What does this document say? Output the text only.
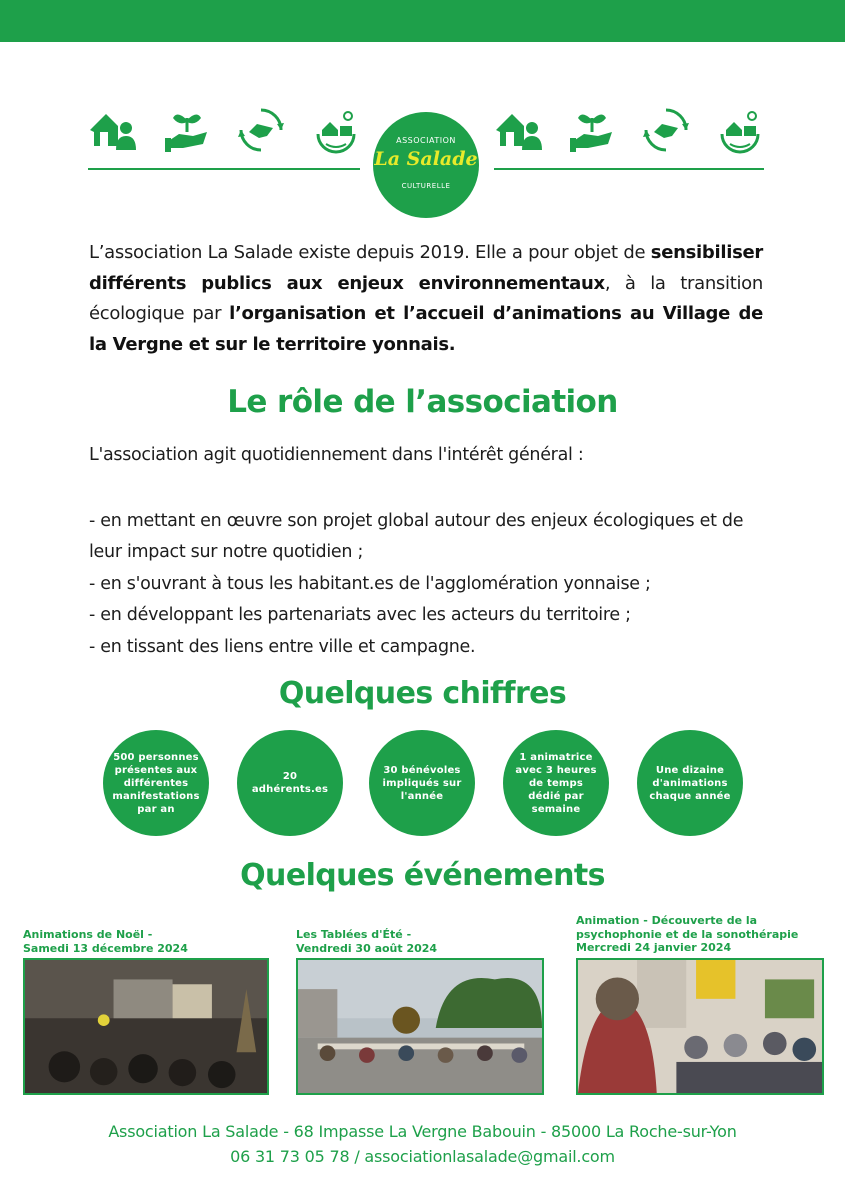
ASSOCIATION
La Salade
CULTURELLE
L’association La Salade existe depuis 2019. Elle a pour objet de sensibiliser différents publics aux enjeux environnementaux, à la transition écologique par l’organisation et l’accueil d’animations au Village de la Vergne et sur le territoire yonnais.
Le rôle de l’association

L'association agit quotidiennement dans l'intérêt général :

- en mettant en œuvre son projet global autour des enjeux écologiques et de leur impact sur notre quotidien ;

- en s'ouvrant à tous les habitant.es de l'agglomération yonnaise ;

- en développant les partenariats avec les acteurs du territoire ;

- en tissant des liens entre ville et campagne.

Quelques chiffres
500 personnes présentes aux différentes manifestations par an
20 adhérents.es
30 bénévoles impliqués sur l'année
1 animatrice avec 3 heures de temps dédié par semaine
Une dizaine d'animations chaque année
Quelques événements
Animations de Noël -
Samedi 13 décembre 2024
Les Tablées d'Été -
Vendredi 30 août 2024
Animation - Découverte de la
psychophonie et de la sonothérapie
Mercredi 24 janvier 2024
Association La Salade - 68 Impasse La Vergne Babouin - 85000 La Roche-sur-Yon
06 31 73 05 78 / associationlasalade@gmail.com
